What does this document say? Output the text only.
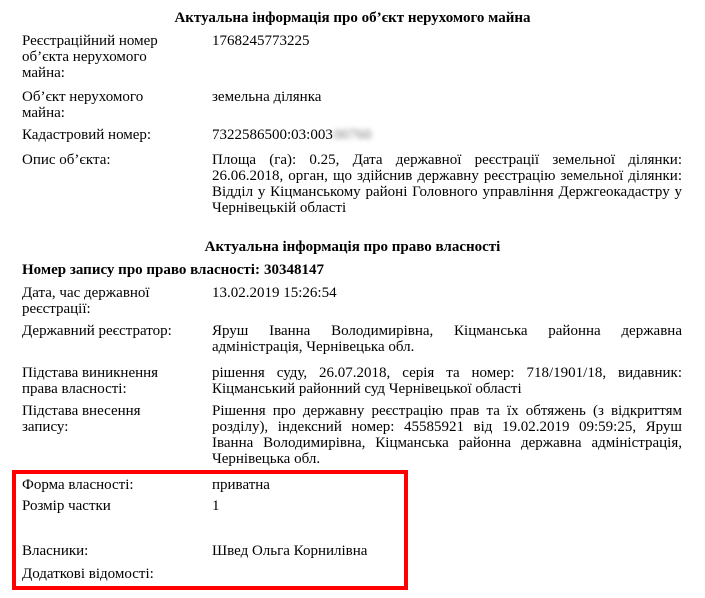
Актуальна інформація про об’єкт нерухомого майна
Реєстраційний номер
об’єкта нерухомого
майна:
1768245773225
Об’єкт нерухомого
майна:
земельна ділянка
Кадастровий номер:	7322586500:03:00300760
Опис об’єкта:	Площа (га): 0.25, Дата державної реєстрації земельної ділянки: 26.06.2018, орган, що здійснив державну реєстрацію земельної ділянки: Відділ у Кіцманському районі Головного управління Держгеокадастру у Чернівецькій області
Актуальна інформація про право власності
Номер запису про право власності: 30348147
Дата, час державної
реєстрації:
13.02.2019 15:26:54
Державний реєстратор:	Яруш Іванна Володимирівна, Кіцманська районна державна адміністрація, Чернівецька обл.
Підстава виникнення
права власності:
рішення суду, 26.07.2018, серія та номер: 718/1901/18, видавник: Кіцманський районний суд Чернівецької області
Підстава внесення
запису:
Рішення про державну реєстрацію прав та їх обтяжень (з відкриттям розділу), індексний номер: 45585921 від 19.02.2019 09:59:25, Яруш Іванна Володимирівна, Кіцманська районна державна адміністрація, Чернівецька обл.
Форма власності:	приватна
Розмір частки	1
Власники:	Швед Ольга Корнилівна
Додаткові відомості:
